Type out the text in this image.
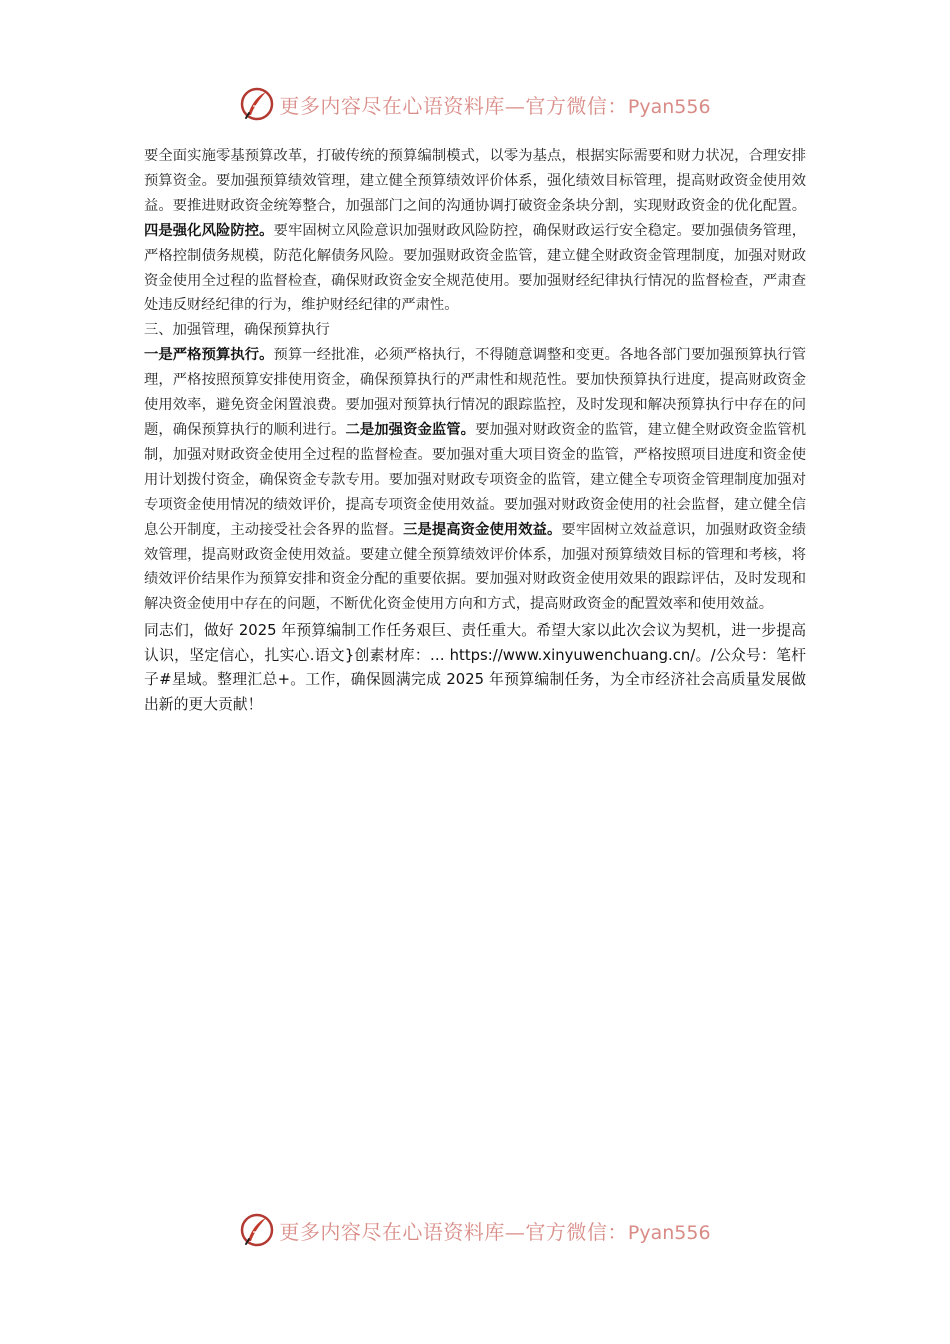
更多内容尽在心语资料库—官方微信：Pyan556

要全面实施零基预算改革，打破传统的预算编制模式，以零为基点，根据实际需要和财力状况，合理安排预算资金。要加强预算绩效管理，建立健全预算绩效评价体系，强化绩效目标管理，提高财政资金使用效益。要推进财政资金统筹整合，加强部门之间的沟通协调打破资金条块分割，实现财政资金的优化配置。四是强化风险防控。要牢固树立风险意识加强财政风险防控，确保财政运行安全稳定。要加强债务管理，严格控制债务规模，防范化解债务风险。要加强财政资金监管，建立健全财政资金管理制度，加强对财政资金使用全过程的监督检查，确保财政资金安全规范使用。要加强财经纪律执行情况的监督检查，严肃查处违反财经纪律的行为，维护财经纪律的严肃性。

三、加强管理，确保预算执行

一是严格预算执行。预算一经批准，必须严格执行，不得随意调整和变更。各地各部门要加强预算执行管理，严格按照预算安排使用资金，确保预算执行的严肃性和规范性。要加快预算执行进度，提高财政资金使用效率，避免资金闲置浪费。要加强对预算执行情况的跟踪监控，及时发现和解决预算执行中存在的问题，确保预算执行的顺利进行。二是加强资金监管。要加强对财政资金的监管，建立健全财政资金监管机制，加强对财政资金使用全过程的监督检查。要加强对重大项目资金的监管，严格按照项目进度和资金使用计划拨付资金，确保资金专款专用。要加强对财政专项资金的监管，建立健全专项资金管理制度加强对专项资金使用情况的绩效评价，提高专项资金使用效益。要加强对财政资金使用的社会监督，建立健全信息公开制度，主动接受社会各界的监督。三是提高资金使用效益。要牢固树立效益意识，加强财政资金绩效管理，提高财政资金使用效益。要建立健全预算绩效评价体系，加强对预算绩效目标的管理和考核，将绩效评价结果作为预算安排和资金分配的重要依据。要加强对财政资金使用效果的跟踪评估，及时发现和解决资金使用中存在的问题，不断优化资金使用方向和方式，提高财政资金的配置效率和使用效益。

同志们，做好 2025 年预算编制工作任务艰巨、责任重大。希望大家以此次会议为契机，进一步提高认识，坚定信心，扎实心.语文}创素材库：… https://www.xinyuwenchuang.cn/。/公众号：笔杆子#星域。整理汇总+。工作，确保圆满完成 2025 年预算编制任务，为全市经济社会高质量发展做出新的更大贡献！

更多内容尽在心语资料库—官方微信：Pyan556
